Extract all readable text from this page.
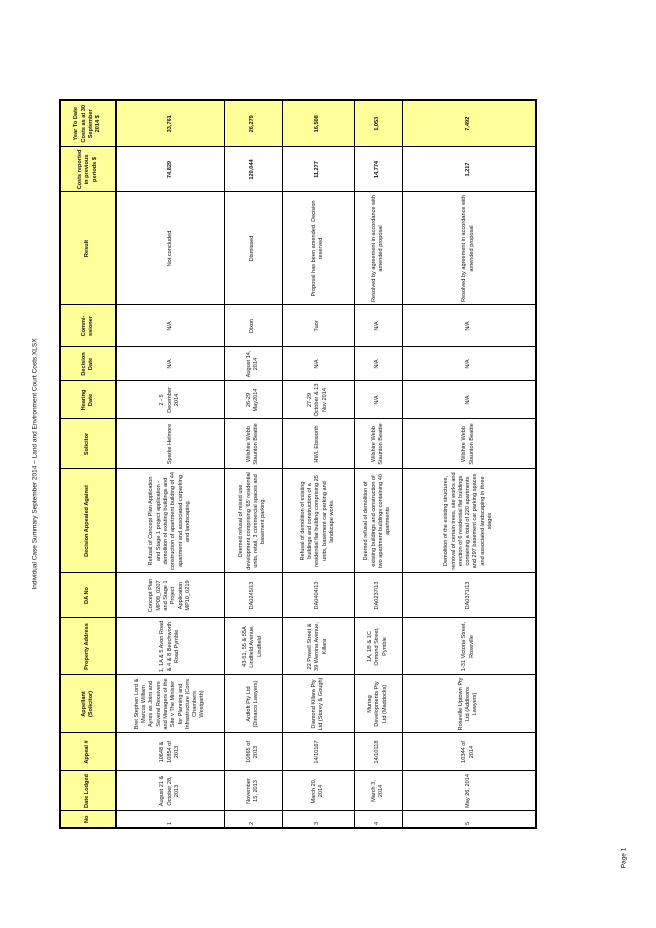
Individual Case Summary September 2014 – Land and Environment Court Costs.XLSX
No	Date Lodged	Appeal #	Appellant (Solicitor)	Property Address	DA No	Decision Appealed Against	Solicitor	Hearing Date	Decision Date	Commi-ssioner	Result	Costs reported in previous periods $	Year To Date Costs as at 30 September 2014 $
1	August 21 & October 28, 2013	10648 & 10854 of 2013	Bret Stephen Lord & Marcus William Ayres as Joint and Several Receivers and Managers of the Site v The Minister for Planning and Infrastructure (Corrs Chambers Westgarth)	1, 1A & 5 Avon Road & 4 & 8 Beechworth Road Pymble	Concept Plan MP08_0207 and Stage 1 Project Application MP10_0219	Refusal of Concept Plan Application and Stage 1 project application - demolition of existing buildings and construction of apartment building of 44 apartment and associated carparking and landscaping.	Sparke Helmore	2 - 5 December 2014	N/A	N/A	Not concluded	74,829	33,761
2	November 15, 2013	10865 of 2013	Ardloft Pty Ltd (Dimarco Lawyers)	43-51, 55 & 55A Lindfield Avenue, Lindfield	DA0245/13	Deemed refusal of mixed use development comprising '65' residential units, retail, 3 commercial spaces and basement parking.	Wilshire Webb Staunton Beattie	26-29 May2014	August 14, 2014	Dixon	Dismissed	120,044	26,279
3	March 20, 2014	14/10167	Diamond Killara Pty Ltd (Storey & Gough)	22 Powell Street & 39 Werona Avenue, Killara	DA0404/13	Refusal of demolition of existing buildings and construction of a residential flat building comprising 25 units, basement car parking and landscape works.	HWL Ebsworth	27-29 October & 13 Nov 2014	N/A	Tuor	Proposal has been amended. Decision reserved	11,277	16,508
4	March 3, 2014	14/10118	Murtag Developments Pty Ltd (Maddocks)	1A, 1B & 1C Ormond Street, Pymble	DA0237/13	Deemed refusal of demolition of existing buildings and construction of two apartment buildings containing 40 apartments	Wilshire Webb Staunton Beattie	N/A	N/A	N/A	Resolved by agreement in accordance with amended proposal	14,774	1,053
5	May 26, 2014	10344 of 2014	Roseville Uptown Pty Ltd (Addisons Lawyers)	1-31 Victoria Street, Roseville	DA0371/13	Demolition of the existing structures, removal of certain trees, site works and erection of 6 residential flat buildings containing a total of 220 apartments and 297 basement car parking spaces and associated landscaping in three stages	Wilshire Webb Staunton Beattie	N/A	N/A	N/A	Resolved by agreement in accordance with amended proposal	1,217	7,492
Page 1
